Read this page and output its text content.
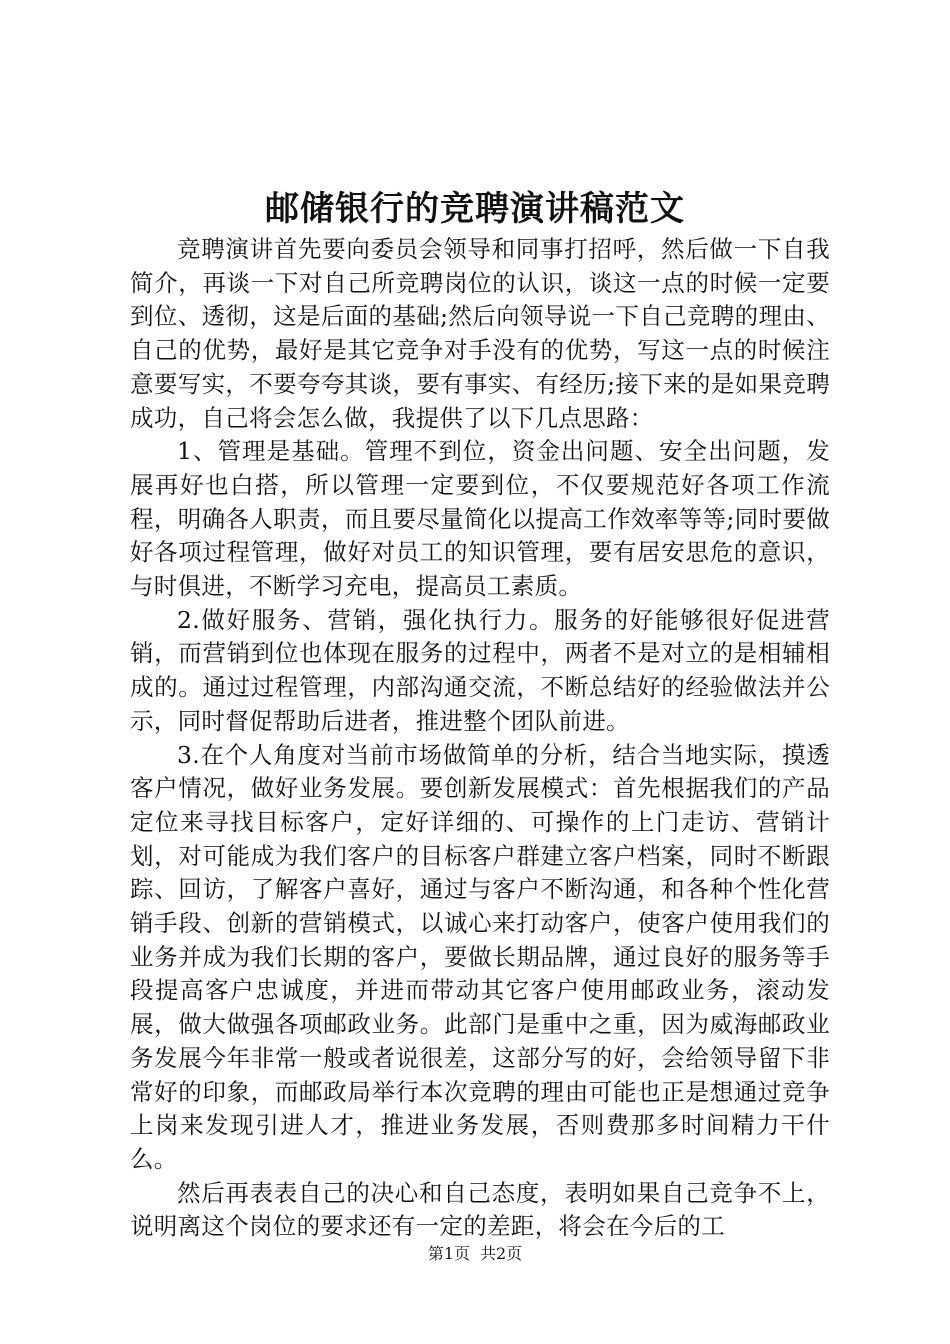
邮储银行的竞聘演讲稿范文

竞聘演讲首先要向委员会领导和同事打招呼，然后做一下自我简介，再谈一下对自己所竞聘岗位的认识，谈这一点的时候一定要到位、透彻，这是后面的基础;然后向领导说一下自己竞聘的理由、自己的优势，最好是其它竞争对手没有的优势，写这一点的时候注意要写实，不要夸夸其谈，要有事实、有经历;接下来的是如果竞聘成功，自己将会怎么做，我提供了以下几点思路：

1、管理是基础。管理不到位，资金出问题、安全出问题，发展再好也白搭，所以管理一定要到位，不仅要规范好各项工作流程，明确各人职责，而且要尽量简化以提高工作效率等等;同时要做好各项过程管理，做好对员工的知识管理，要有居安思危的意识，与时俱进，不断学习充电，提高员工素质。

2.做好服务、营销，强化执行力。服务的好能够很好促进营销，而营销到位也体现在服务的过程中，两者不是对立的是相辅相成的。通过过程管理，内部沟通交流，不断总结好的经验做法并公示，同时督促帮助后进者，推进整个团队前进。

3.在个人角度对当前市场做简单的分析，结合当地实际，摸透客户情况，做好业务发展。要创新发展模式：首先根据我们的产品定位来寻找目标客户，定好详细的、可操作的上门走访、营销计划，对可能成为我们客户的目标客户群建立客户档案，同时不断跟踪、回访，了解客户喜好，通过与客户不断沟通，和各种个性化营销手段、创新的营销模式，以诚心来打动客户，使客户使用我们的业务并成为我们长期的客户，要做长期品牌，通过良好的服务等手段提高客户忠诚度，并进而带动其它客户使用邮政业务，滚动发展，做大做强各项邮政业务。此部门是重中之重，因为威海邮政业务发展今年非常一般或者说很差，这部分写的好，会给领导留下非常好的印象，而邮政局举行本次竞聘的理由可能也正是想通过竞争上岗来发现引进人才，推进业务发展，否则费那多时间精力干什么。

然后再表表自己的决心和自己态度，表明如果自己竞争不上，说明离这个岗位的要求还有一定的差距，将会在今后的工

第1页 共2页
